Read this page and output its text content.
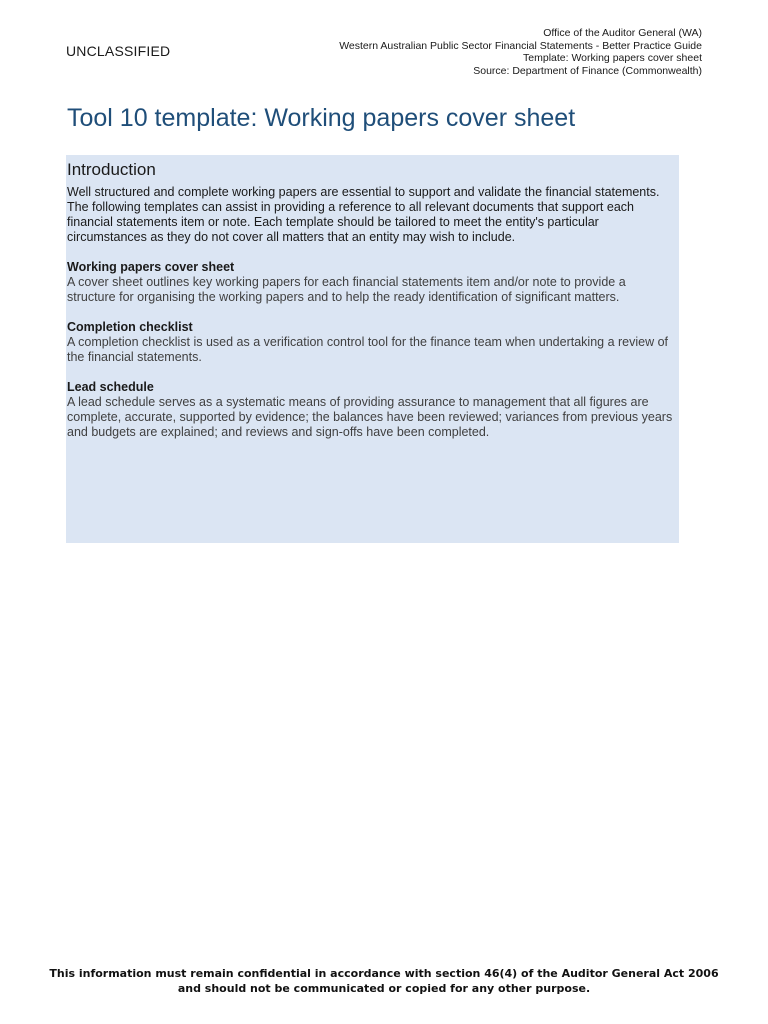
UNCLASSIFIED
Office of the Auditor General (WA)
Western Australian Public Sector Financial Statements - Better Practice Guide
Template: Working papers cover sheet
Source: Department of Finance (Commonwealth)
Tool 10 template: Working papers cover sheet
Introduction

Well structured and complete working papers are essential to support and validate the financial statements. The following templates can assist in providing a reference to all relevant documents that support each financial statements item or note. Each template should be tailored to meet the entity's particular circumstances as they do not cover all matters that an entity may wish to include.

Working papers cover sheet

A cover sheet outlines key working papers for each financial statements item and/or note to provide a structure for organising the working papers and to help the ready identification of significant matters.

Completion checklist

A completion checklist is used as a verification control tool for the finance team when undertaking a review of the financial statements.

Lead schedule

A lead schedule serves as a systematic means of providing assurance to management that all figures are complete, accurate, supported by evidence; the balances have been reviewed; variances from previous years and budgets are explained; and reviews and sign-offs have been completed.

This information must remain confidential in accordance with section 46(4) of the Auditor General Act 2006
and should not be communicated or copied for any other purpose.
